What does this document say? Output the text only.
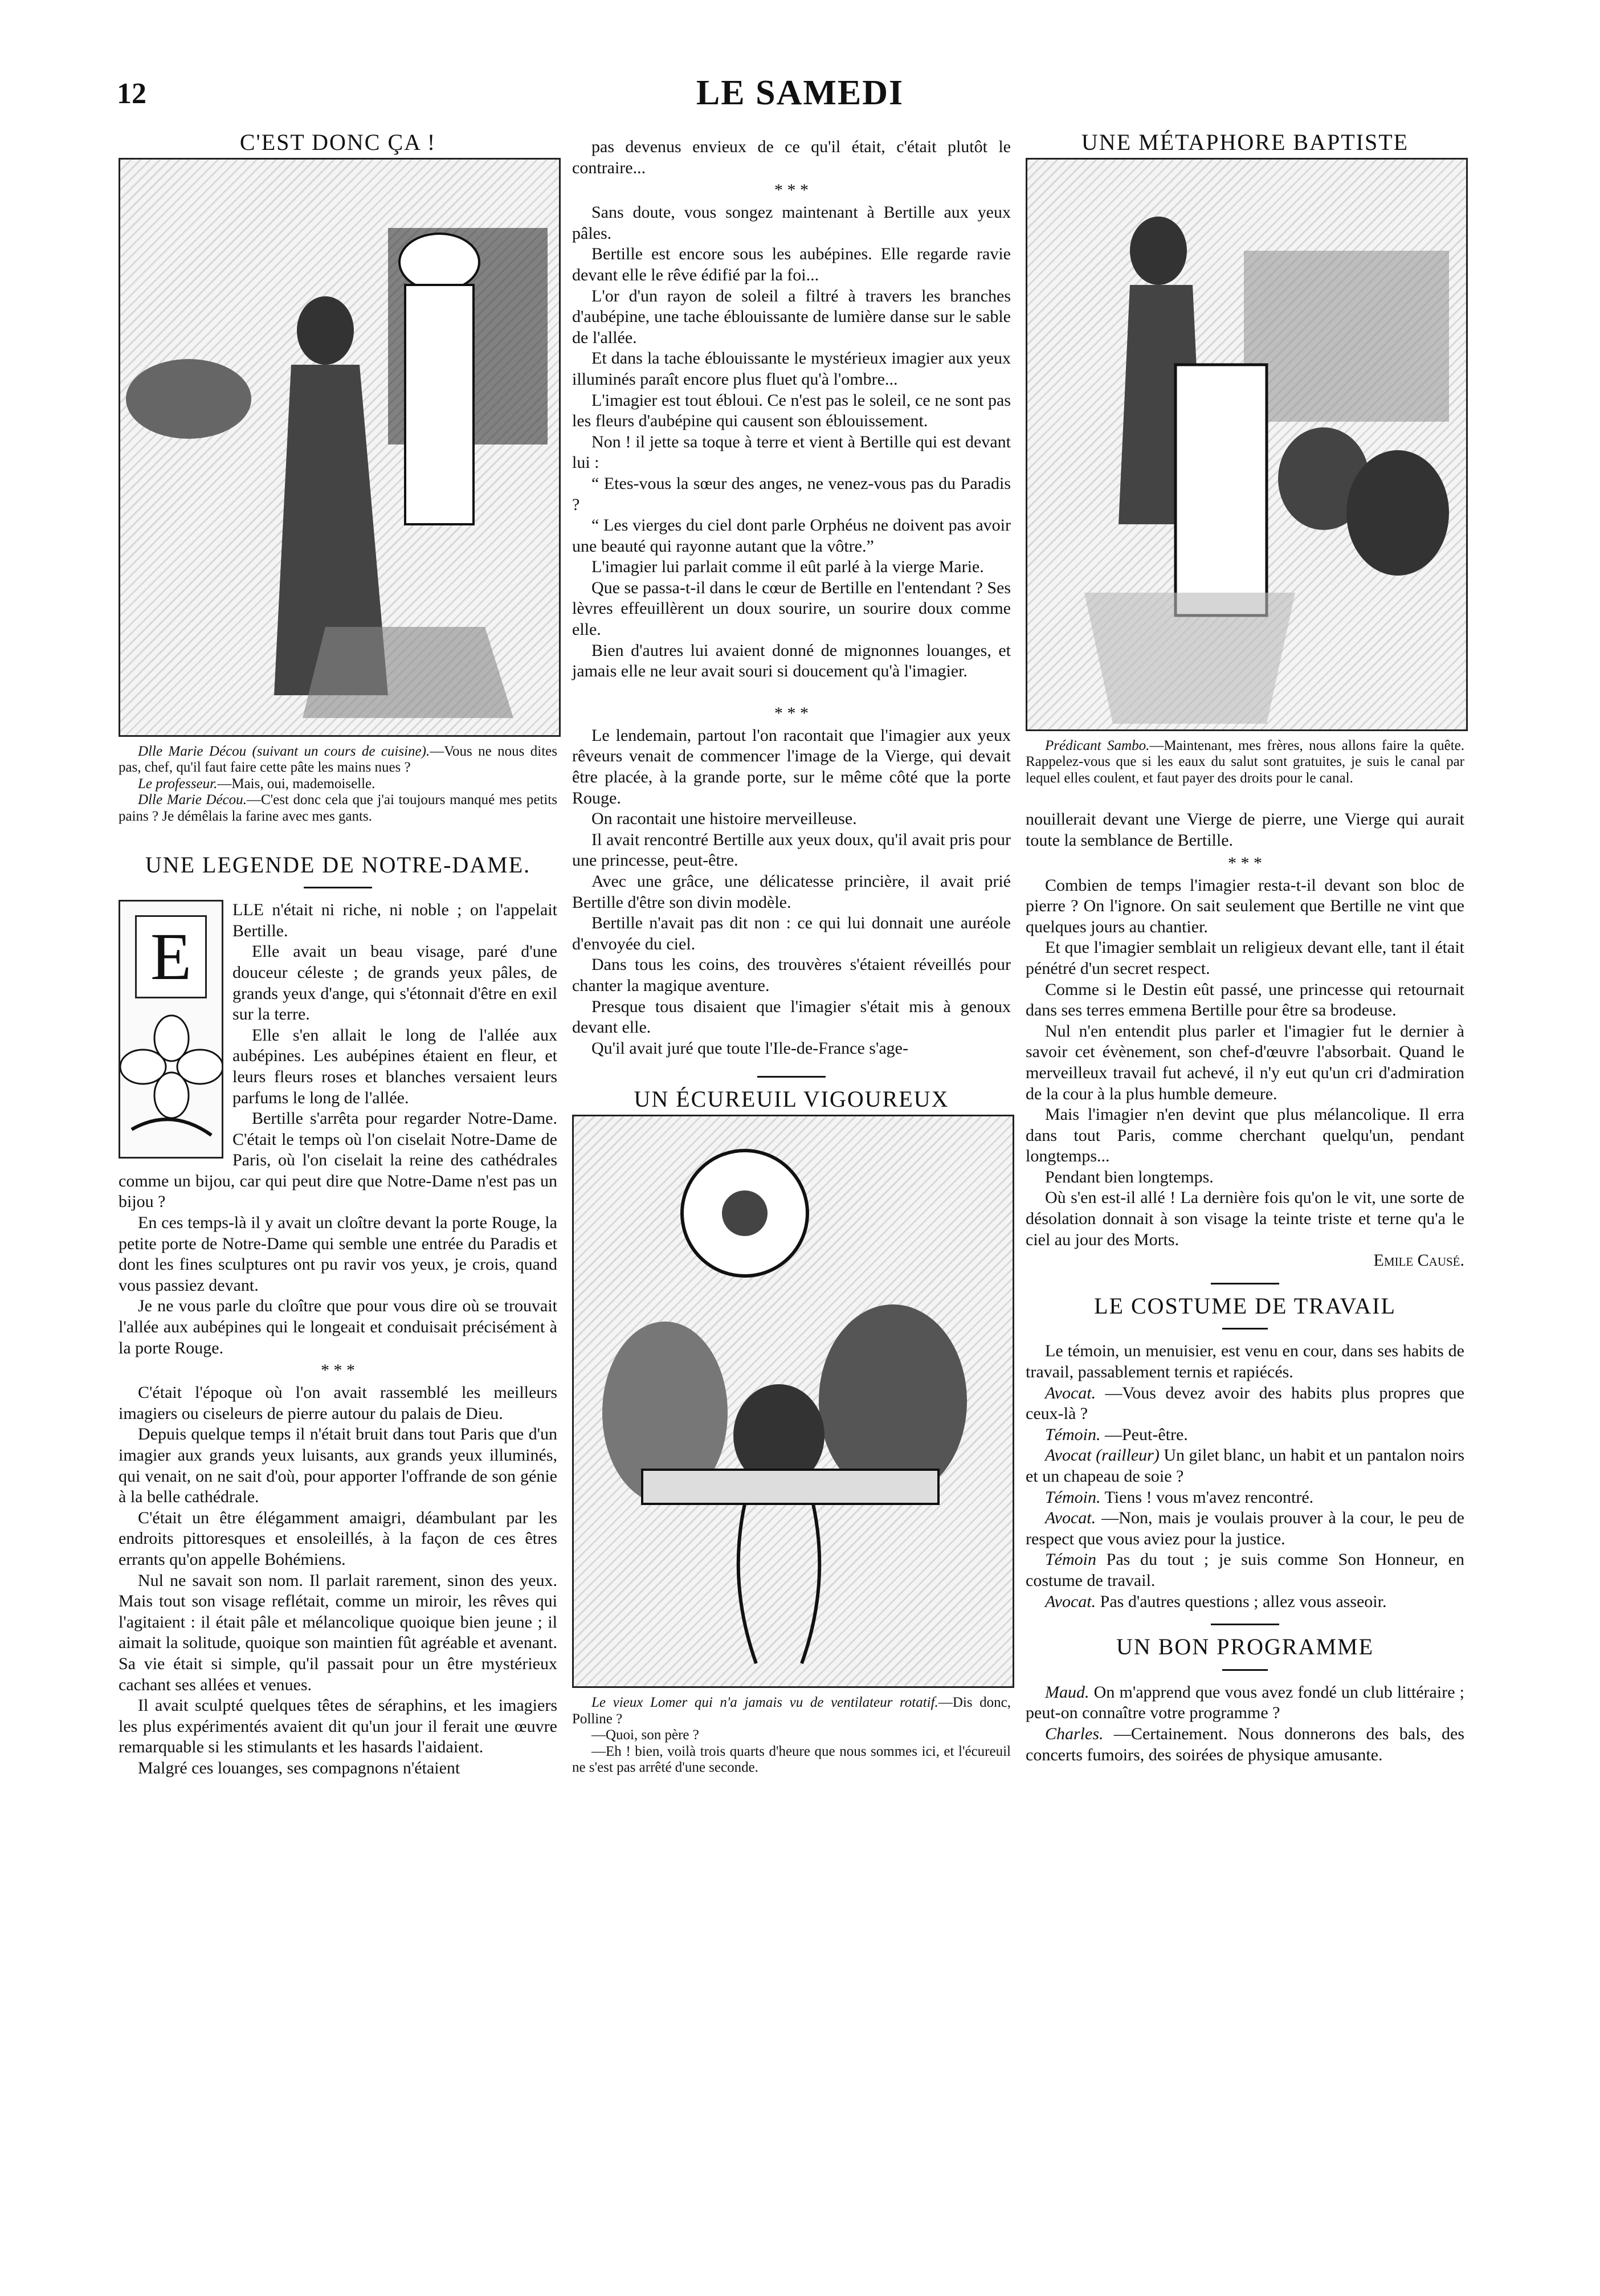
12	LE SAMEDI
C'EST DONC ÇA !

Dlle Marie Décou (suivant un cours de cuisine).—Vous ne nous dites pas, chef, qu'il faut faire cette pâte les mains nues ?

Le professeur.—Mais, oui, mademoiselle.

Dlle Marie Décou.—C'est donc cela que j'ai toujours manqué mes petits pains ? Je démêlais la farine avec mes gants.

UNE LEGENDE DE NOTRE-DAME.
E

LLE n'était ni riche, ni noble ; on l'appelait Bertille.

Elle avait un beau visage, paré d'une douceur céleste ; de grands yeux pâles, de grands yeux d'ange, qui s'étonnait d'être en exil sur la terre.

Elle s'en allait le long de l'allée aux aubépines. Les aubépines étaient en fleur, et leurs fleurs roses et blanches versaient leurs parfums le long de l'allée.

Bertille s'arrêta pour regarder Notre-Dame. C'était le temps où l'on ciselait Notre-Dame de Paris, où l'on ciselait la reine des cathédrales comme un bijou, car qui peut dire que Notre-Dame n'est pas un bijou ?

En ces temps-là il y avait un cloître devant la porte Rouge, la petite porte de Notre-Dame qui semble une entrée du Paradis et dont les fines sculptures ont pu ravir vos yeux, je crois, quand vous passiez devant.

Je ne vous parle du cloître que pour vous dire où se trouvait l'allée aux aubépines qui le longeait et conduisait précisément à la porte Rouge.

* * *

C'était l'époque où l'on avait rassemblé les meilleurs imagiers ou ciseleurs de pierre autour du palais de Dieu.

Depuis quelque temps il n'était bruit dans tout Paris que d'un imagier aux grands yeux luisants, aux grands yeux illuminés, qui venait, on ne sait d'où, pour apporter l'offrande de son génie à la belle cathédrale.

C'était un être élégamment amaigri, déambulant par les endroits pittoresques et ensoleillés, à la façon de ces êtres errants qu'on appelle Bohémiens.

Nul ne savait son nom. Il parlait rarement, sinon des yeux. Mais tout son visage reflétait, comme un miroir, les rêves qui l'agitaient : il était pâle et mélancolique quoique bien jeune ; il aimait la solitude, quoique son maintien fût agréable et avenant. Sa vie était si simple, qu'il passait pour un être mystérieux cachant ses allées et venues.

Il avait sculpté quelques têtes de séraphins, et les imagiers les plus expérimentés avaient dit qu'un jour il ferait une œuvre remarquable si les stimulants et les hasards l'aidaient.

Malgré ces louanges, ses compagnons n'étaient

pas devenus envieux de ce qu'il était, c'était plutôt le contraire...

* * *

Sans doute, vous songez maintenant à Bertille aux yeux pâles.

Bertille est encore sous les aubépines. Elle regarde ravie devant elle le rêve édifié par la foi...

L'or d'un rayon de soleil a filtré à travers les branches d'aubépine, une tache éblouissante de lumière danse sur le sable de l'allée.

Et dans la tache éblouissante le mystérieux imagier aux yeux illuminés paraît encore plus fluet qu'à l'ombre...

L'imagier est tout ébloui. Ce n'est pas le soleil, ce ne sont pas les fleurs d'aubépine qui causent son éblouissement.

Non ! il jette sa toque à terre et vient à Bertille qui est devant lui :

“ Etes-vous la sœur des anges, ne venez-vous pas du Paradis ?

“ Les vierges du ciel dont parle Orphéus ne doivent pas avoir une beauté qui rayonne autant que la vôtre.”

L'imagier lui parlait comme il eût parlé à la vierge Marie.

Que se passa-t-il dans le cœur de Bertille en l'entendant ? Ses lèvres effeuillèrent un doux sourire, un sourire doux comme elle.

Bien d'autres lui avaient donné de mignonnes louanges, et jamais elle ne leur avait souri si doucement qu'à l'imagier.

* * *

Le lendemain, partout l'on racontait que l'imagier aux yeux rêveurs venait de commencer l'image de la Vierge, qui devait être placée, à la grande porte, sur le même côté que la porte Rouge.

On racontait une histoire merveilleuse.

Il avait rencontré Bertille aux yeux doux, qu'il avait pris pour une princesse, peut-être.

Avec une grâce, une délicatesse princière, il avait prié Bertille d'être son divin modèle.

Bertille n'avait pas dit non : ce qui lui donnait une auréole d'envoyée du ciel.

Dans tous les coins, des trouvères s'étaient réveillés pour chanter la magique aventure.

Presque tous disaient que l'imagier s'était mis à genoux devant elle.

Qu'il avait juré que toute l'Ile-de-France s'age-

UN ÉCUREUIL VIGOUREUX

Le vieux Lomer qui n'a jamais vu de ventilateur rotatif.—Dis donc, Polline ?

—Quoi, son père ?

—Eh ! bien, voilà trois quarts d'heure que nous sommes ici, et l'écureuil ne s'est pas arrêté d'une seconde.

UNE MÉTAPHORE BAPTISTE

Prédicant Sambo.—Maintenant, mes frères, nous allons faire la quête. Rappelez-vous que si les eaux du salut sont gratuites, je suis le canal par lequel elles coulent, et faut payer des droits pour le canal.

nouillerait devant une Vierge de pierre, une Vierge qui aurait toute la semblance de Bertille.

* * *

Combien de temps l'imagier resta-t-il devant son bloc de pierre ? On l'ignore. On sait seulement que Bertille ne vint que quelques jours au chantier.

Et que l'imagier semblait un religieux devant elle, tant il était pénétré d'un secret respect.

Comme si le Destin eût passé, une princesse qui retournait dans ses terres emmena Bertille pour être sa brodeuse.

Nul n'en entendit plus parler et l'imagier fut le dernier à savoir cet évènement, son chef-d'œuvre l'absorbait. Quand le merveilleux travail fut achevé, il n'y eut qu'un cri d'admiration de la cour à la plus humble demeure.

Mais l'imagier n'en devint que plus mélancolique. Il erra dans tout Paris, comme cherchant quelqu'un, pendant longtemps...

Pendant bien longtemps.

Où s'en est-il allé ! La dernière fois qu'on le vit, une sorte de désolation donnait à son visage la teinte triste et terne qu'a le ciel au jour des Morts.

Emile Causé.
LE COSTUME DE TRAVAIL

Le témoin, un menuisier, est venu en cour, dans ses habits de travail, passablement ternis et rapiécés.

Avocat. —Vous devez avoir des habits plus propres que ceux-là ?

Témoin. —Peut-être.

Avocat (railleur) Un gilet blanc, un habit et un pantalon noirs et un chapeau de soie ?

Témoin. Tiens ! vous m'avez rencontré.

Avocat. —Non, mais je voulais prouver à la cour, le peu de respect que vous aviez pour la justice.

Témoin Pas du tout ; je suis comme Son Honneur, en costume de travail.

Avocat. Pas d'autres questions ; allez vous asseoir.

UN BON PROGRAMME

Maud. On m'apprend que vous avez fondé un club littéraire ; peut-on connaître votre programme ?

Charles. —Certainement. Nous donnerons des bals, des concerts fumoirs, des soirées de physique amusante.
